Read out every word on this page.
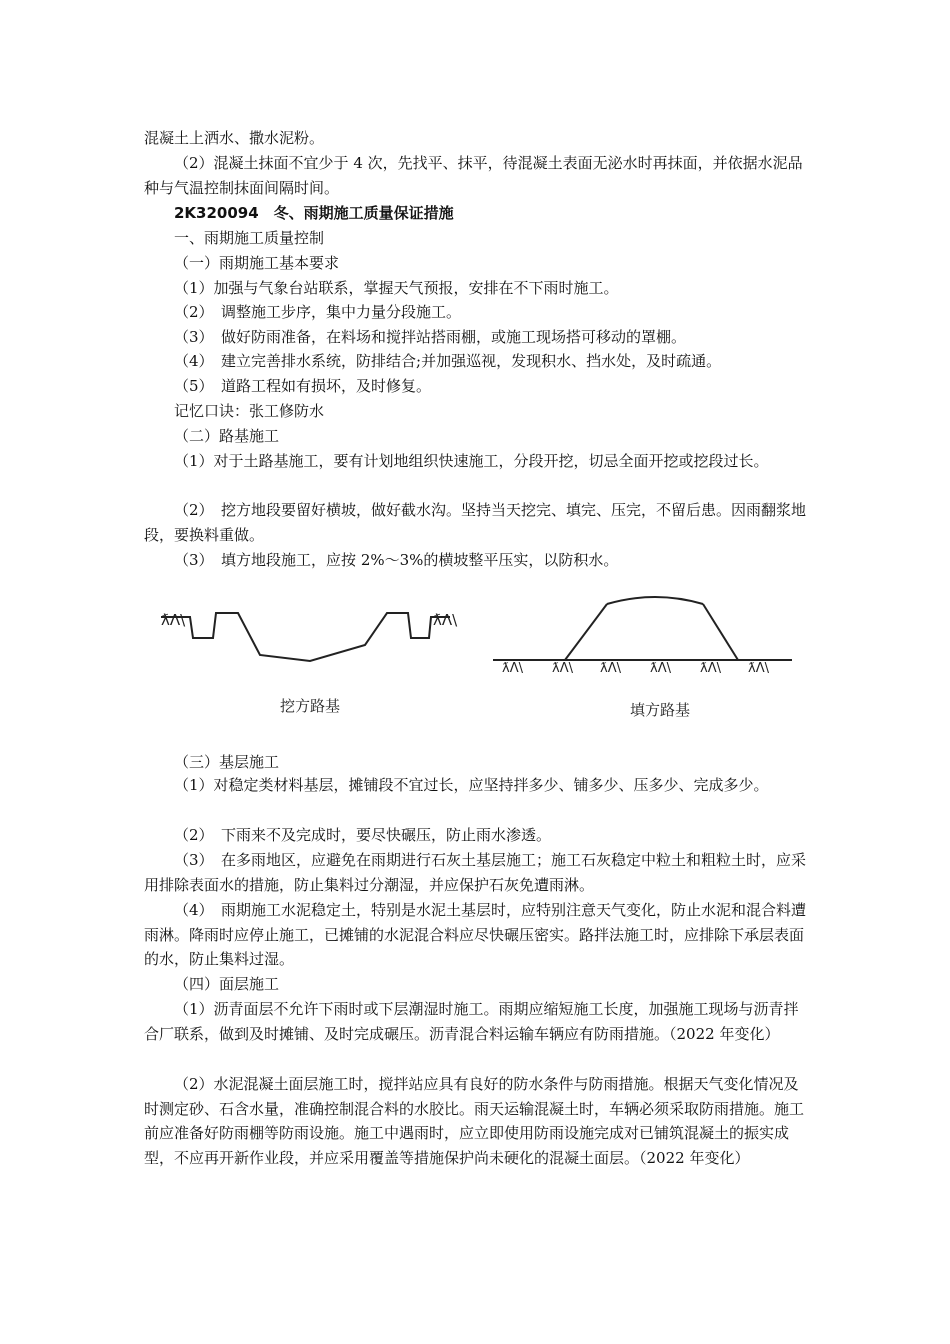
混凝土上洒水、撒水泥粉。

（2）混凝土抹面不宜少于 4 次，先找平、抹平，待混凝土表面无泌水时再抹面，并依据水泥品种与气温控制抹面间隔时间。

2K320094　冬、雨期施工质量保证措施

一、雨期施工质量控制

（一）雨期施工基本要求

（1）加强与气象台站联系，掌握天气预报，安排在不下雨时施工。

（2）　调整施工步序，集中力量分段施工。

（3）　做好防雨准备，在料场和搅拌站搭雨棚，或施工现场搭可移动的罩棚。

（4）　建立完善排水系统，防排结合;并加强巡视，发现积水、挡水处，及时疏通。

（5）　道路工程如有损坏，及时修复。

记忆口诀：张工修防水

（二）路基施工

（1）对于土路基施工，要有计划地组织快速施工，分段开挖，切忌全面开挖或挖段过长。

（2）　挖方地段要留好横坡，做好截水沟。坚持当天挖完、填完、压完，不留后患。因雨翻浆地段，要换料重做。

（3）　填方地段施工，应按 2%～3%的横坡整平压实，以防积水。

ƛΛ\	ƛΛ\
挖方路基
ƛΛ\ ƛΛ\ ƛΛ\ ƛΛ\ ƛΛ\ ƛΛ\
填方路基

（三）基层施工

（1）对稳定类材料基层，摊铺段不宜过长，应坚持拌多少、铺多少、压多少、完成多少。

（2）　下雨来不及完成时，要尽快碾压，防止雨水渗透。

（3）　在多雨地区，应避免在雨期进行石灰土基层施工；施工石灰稳定中粒土和粗粒土时，应采用排除表面水的措施，防止集料过分潮湿，并应保护石灰免遭雨淋。

（4）　雨期施工水泥稳定土，特别是水泥土基层时，应特别注意天气变化，防止水泥和混合料遭雨淋。降雨时应停止施工，已摊铺的水泥混合料应尽快碾压密实。路拌法施工时，应排除下承层表面的水，防止集料过湿。

（四）面层施工

（1）沥青面层不允许下雨时或下层潮湿时施工。雨期应缩短施工长度，加强施工现场与沥青拌合厂联系，做到及时摊铺、及时完成碾压。沥青混合料运输车辆应有防雨措施。（2022 年变化）

（2）水泥混凝土面层施工时，搅拌站应具有良好的防水条件与防雨措施。根据天气变化情况及时测定砂、石含水量，准确控制混合料的水胶比。雨天运输混凝土时，车辆必须采取防雨措施。施工前应准备好防雨棚等防雨设施。施工中遇雨时，应立即使用防雨设施完成对已铺筑混凝土的振实成型，不应再开新作业段，并应采用覆盖等措施保护尚未硬化的混凝土面层。（2022 年变化）
